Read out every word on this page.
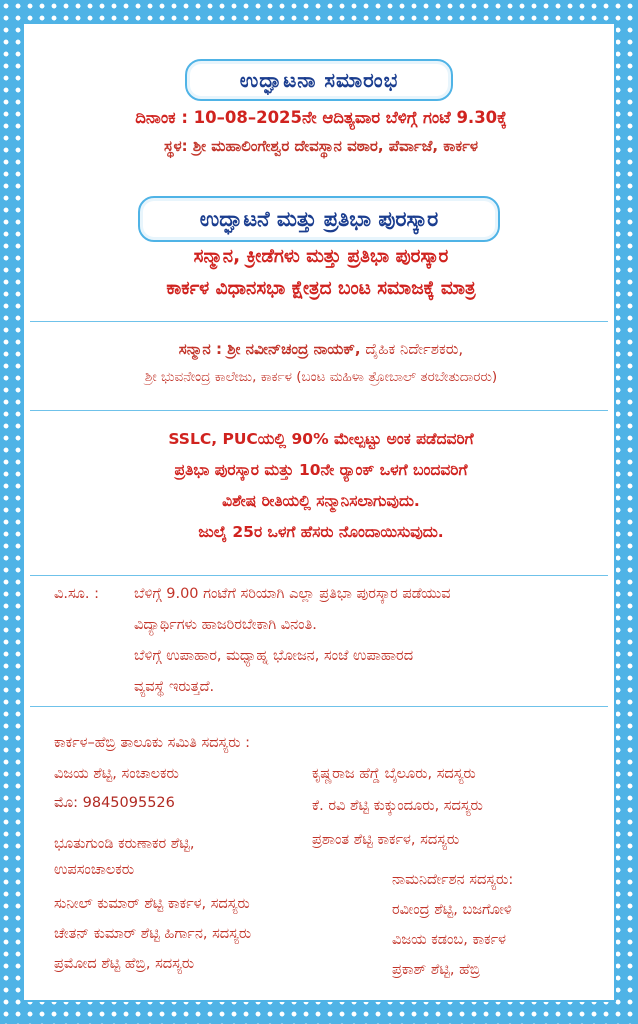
ಉದ್ಘಾಟನಾ ಸಮಾರಂಭ
ದಿನಾಂಕ : 10–08–2025ನೇ ಆದಿತ್ಯವಾರ ಬೆಳಿಗ್ಗೆ ಗಂಟೆ 9.30ಕ್ಕೆ
ಸ್ಥಳ: ಶ್ರೀ ಮಹಾಲಿಂಗೇಶ್ವರ ದೇವಸ್ಥಾನ ವಠಾರ, ಪೆರ್ವಾಜೆ, ಕಾರ್ಕಳ
ಉದ್ಘಾಟನೆ ಮತ್ತು ಪ್ರತಿಭಾ ಪುರಸ್ಕಾರ
ಸನ್ಮಾನ, ಕ್ರೀಡೆಗಳು ಮತ್ತು ಪ್ರತಿಭಾ ಪುರಸ್ಕಾರ
ಕಾರ್ಕಳ ವಿಧಾನಸಭಾ ಕ್ಷೇತ್ರದ ಬಂಟ ಸಮಾಜಕ್ಕೆ ಮಾತ್ರ
ಸನ್ಮಾನ : ಶ್ರೀ ನವೀನ್‌ಚಂದ್ರ ನಾಯಕ್, ದೈಹಿಕ ನಿರ್ದೇಶಕರು,
ಶ್ರೀ ಭುವನೇಂದ್ರ ಕಾಲೇಜು, ಕಾರ್ಕಳ (ಬಂಟ ಮಹಿಳಾ ತ್ರೋಬಾಲ್ ತರಬೇತುದಾರರು)
SSLC, PUCಯಲ್ಲಿ 90% ಮೇಲ್ಪಟ್ಟು ಅಂಕ ಪಡೆದವರಿಗೆ
ಪ್ರತಿಭಾ ಪುರಸ್ಕಾರ ಮತ್ತು 10ನೇ ರ್‍ಯಾಂಕ್ ಒಳಗೆ ಬಂದವರಿಗೆ
ವಿಶೇಷ ರೀತಿಯಲ್ಲಿ ಸನ್ಮಾನಿಸಲಾಗುವುದು.
ಜುಲೈ 25ರ ಒಳಗೆ ಹೆಸರು ನೊಂದಾಯಿಸುವುದು.
ವಿ.ಸೂ. : ಬೆಳಿಗ್ಗೆ 9.00 ಗಂಟೆಗೆ ಸರಿಯಾಗಿ ಎಲ್ಲಾ ಪ್ರತಿಭಾ ಪುರಸ್ಕಾರ ಪಡೆಯುವ
ವಿದ್ಯಾರ್ಥಿಗಳು ಹಾಜರಿರಬೇಕಾಗಿ ವಿನಂತಿ.
ಬೆಳಿಗ್ಗೆ ಉಪಾಹಾರ, ಮಧ್ಯಾಹ್ನ ಭೋಜನ, ಸಂಜೆ ಉಪಾಹಾರದ
ವ್ಯವಸ್ಥೆ ಇರುತ್ತದೆ.
ಕಾರ್ಕಳ–ಹೆಬ್ರಿ ತಾಲೂಕು ಸಮಿತಿ ಸದಸ್ಯರು :
ವಿಜಯ ಶೆಟ್ಟಿ, ಸಂಚಾಲಕರು
ಮೊ: 9845095526
ಭೂತುಗುಂಡಿ ಕರುಣಾಕರ ಶೆಟ್ಟಿ,
ಉಪಸಂಚಾಲಕರು
ಸುನೀಲ್ ಕುಮಾರ್ ಶೆಟ್ಟಿ ಕಾರ್ಕಳ, ಸದಸ್ಯರು
ಚೇತನ್ ಕುಮಾರ್ ಶೆಟ್ಟಿ ಹಿರ್ಗಾನ, ಸದಸ್ಯರು
ಪ್ರಮೋದ ಶೆಟ್ಟಿ ಹೆಬ್ರಿ, ಸದಸ್ಯರು
ಕೃಷ್ಣರಾಜ ಹೆಗ್ಡೆ ಬೈಲೂರು, ಸದಸ್ಯರು
ಕೆ. ರವಿ ಶೆಟ್ಟಿ ಕುಕ್ಕುಂದೂರು, ಸದಸ್ಯರು
ಪ್ರಶಾಂತ ಶೆಟ್ಟಿ ಕಾರ್ಕಳ, ಸದಸ್ಯರು
ನಾಮನಿರ್ದೇಶನ ಸದಸ್ಯರು:
ರವೀಂದ್ರ ಶೆಟ್ಟಿ, ಬಜಗೋಳಿ
ವಿಜಯ ಕಡಂಬ, ಕಾರ್ಕಳ
ಪ್ರಕಾಶ್ ಶೆಟ್ಟಿ, ಹೆಬ್ರಿ
